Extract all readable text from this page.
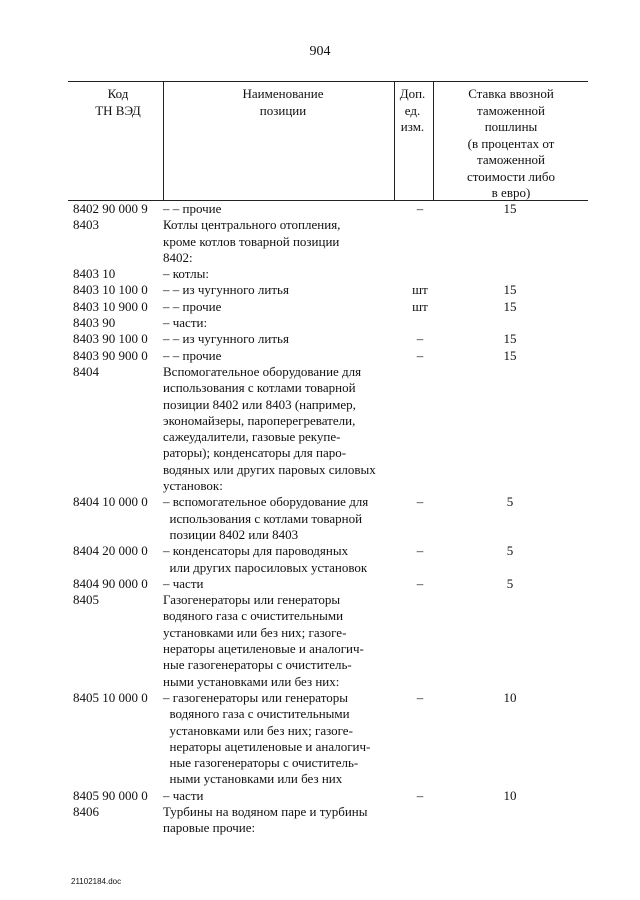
904
Код
ТН ВЭД
Наименование
позиции
Доп.
ед.
изм.
Ставка ввозной
таможенной
пошлины
(в процентах от
таможенной
стоимости либо
в евро)
8402 90 000 9	– – прочие	–	15
8403	Котлы центрального отопления,
кроме котлов товарной позиции
8402:
8403 10	– котлы:
8403 10 100 0	– – из чугунного литья	шт	15
8403 10 900 0	– – прочие	шт	15
8403 90	– части:
8403 90 100 0	– – из чугунного литья	–	15
8403 90 900 0	– – прочие	–	15
8404	Вспомогательное оборудование для
использования с котлами товарной
позиции 8402 или 8403 (например,
экономайзеры, пароперегреватели,
сажеудалители, газовые рекупе-
раторы); конденсаторы для паро-
водяных или других паровых силовых
установок:
8404 10 000 0	– вспомогательное оборудование для
использования с котлами товарной
позиции 8402 или 8403
–	5
8404 20 000 0	– конденсаторы для пароводяных
или других паросиловых установок
–	5
8404 90 000 0	– части	–	5
8405	Газогенераторы или генераторы
водяного газа с очистительными
установками или без них; газоге-
нераторы ацетиленовые и аналогич-
ные газогенераторы с очиститель-
ными установками или без них:
8405 10 000 0	– газогенераторы или генераторы
водяного газа с очистительными
установками или без них; газоге-
нераторы ацетиленовые и аналогич-
ные газогенераторы с очиститель-
ными установками или без них
–	10
8405 90 000 0	– части	–	10
8406	Турбины на водяном паре и турбины
паровые прочие:
21102184.doc
